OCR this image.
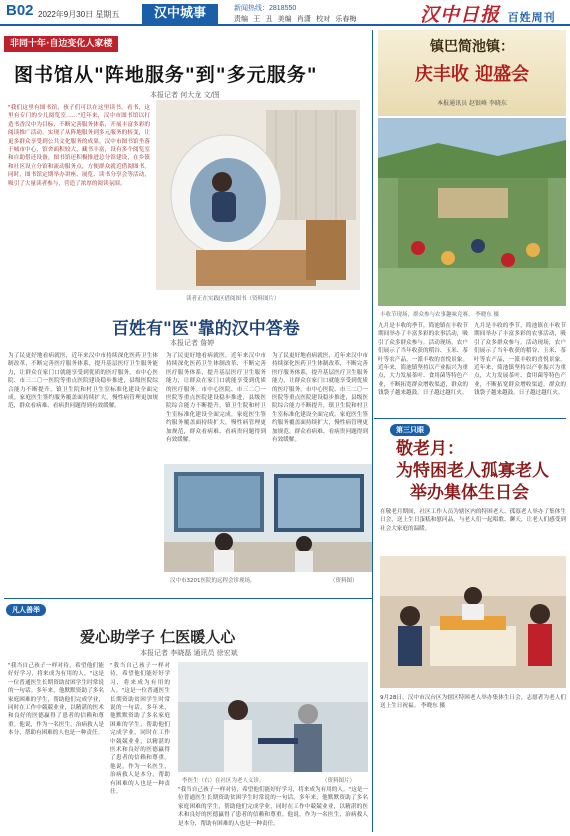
B02 2022年9月30日 星期五	汉中城事	新闻热线：2818550
责编 王 丑 美编 肖潇 校对 乐春梅	汉中日报 百姓周刊
非同十年·自边变化人家楼
图书馆从"阵地服务"到"多元服务"
本报记者 何大龙 文/图
"我们这里有图书馆，孩子们可以在这里读书，看书，这里有专门的少儿阅览室……"近年来，汉中市图书馆以打造书香汉中为目标，不断完善服务体系，开展丰富多彩的阅读推广活动，实现了从阵地服务到多元服务的转变，让更多群众享受到公共文化服务的成果。汉中市图书馆坐落于城市中心，馆舍面积较大，藏书丰富，设有多个阅览室和自助借还设备。图书馆还积极推进总分馆建设，在乡镇和社区设立分馆和流动服务点，方便群众就近借阅图书。同时，图书馆定期举办讲座、展览、读书分享会等活动，吸引了大量读者参与，营造了浓厚的阅读氛围。
读者正在实践区借阅图书（资料图片）
百姓有"医"靠的汉中答卷
本报记者 詹婷
为了民更好地看病就医，近年来汉中市持续深化医药卫生体制改革，不断完善医疗服务体系，提升基层医疗卫生服务能力，让群众在家门口就能享受到优质的医疗服务。市中心医院、市三二〇一医院等重点医院建设稳步推进，县级医院综合能力不断提升，镇卫生院和村卫生室标准化建设全面完成。家庭医生签约服务覆盖面持续扩大，慢性病管理更加规范，群众看病难、看病贵问题得到有效缓解。
为了民更好地看病就医，近年来汉中市持续深化医药卫生体制改革，不断完善医疗服务体系，提升基层医疗卫生服务能力，让群众在家门口就能享受到优质的医疗服务。市中心医院、市三二〇一医院等重点医院建设稳步推进，县级医院综合能力不断提升，镇卫生院和村卫生室标准化建设全面完成。家庭医生签约服务覆盖面持续扩大，慢性病管理更加规范，群众看病难、看病贵问题得到有效缓解。
为了民更好地看病就医，近年来汉中市持续深化医药卫生体制改革，不断完善医疗服务体系，提升基层医疗卫生服务能力，让群众在家门口就能享受到优质的医疗服务。市中心医院、市三二〇一医院等重点医院建设稳步推进，县级医院综合能力不断提升，镇卫生院和村卫生室标准化建设全面完成。家庭医生签约服务覆盖面持续扩大，慢性病管理更加规范，群众看病难、看病贵问题得到有效缓解。
汉中市3201医院的远程会诊现场。	（资料图）
镇巴简池镇：
庆丰收 迎盛会
本报通讯员 赵银峰 李晓东
丰收节现场，群众参与农事趣味竞赛。 李晓东 摄
九月是丰收的季节，简池镇在丰收节期间举办了丰富多彩的农事活动，吸引了众多群众参与。活动现场，农户们展示了当年收获的稻谷、玉米、茶叶等农产品，一派丰收的喜悦景象。近年来，简池镇坚持以产业振兴为重点，大力发展茶叶、食用菌等特色产业，不断拓宽群众增收渠道，群众的钱袋子越来越鼓，日子越过越红火。
九月是丰收的季节，简池镇在丰收节期间举办了丰富多彩的农事活动，吸引了众多群众参与。活动现场，农户们展示了当年收获的稻谷、玉米、茶叶等农产品，一派丰收的喜悦景象。近年来，简池镇坚持以产业振兴为重点，大力发展茶叶、食用菌等特色产业，不断拓宽群众增收渠道，群众的钱袋子越来越鼓，日子越过越红火。
第三只眼
敬老月：
为特困老人孤寡老人
举办集体生日会
在敬老月期间，社区工作人员为辖区内的特困老人、孤寡老人举办了集体生日会，送上生日蛋糕和慰问品，与老人们一起唱歌、聊天，让老人们感受到社会大家庭的温暖。
9月28日，汉中市汉台区为辖区特困老人举办集体生日会，志愿者为老人们送上生日祝福。 李晓东 摄
凡人善举
爱心助学子 仁医暖人心
本报记者 李晓磊 通讯员 徐宏斌
"我当自己孩子一样对待，希望他们能好好学习，将来成为有用的人。"这是一位普通医生长期资助贫困学生时常说的一句话。多年来，他默默资助了多名家庭困难的学生，帮助他们完成学业，同时在工作中兢兢业业，以精湛的医术和良好的医德赢得了患者的信赖和尊重。他说，作为一名医生，治病救人是本分，帮助有困难的人也是一种责任。
"我当自己孩子一样对待，希望他们能好好学习，将来成为有用的人。"这是一位普通医生长期资助贫困学生时常说的一句话。多年来，他默默资助了多名家庭困难的学生，帮助他们完成学业，同时在工作中兢兢业业，以精湛的医术和良好的医德赢得了患者的信赖和尊重。他说，作为一名医生，治病救人是本分，帮助有困难的人也是一种责任。
李医生（右）在社区为老人义诊。	（资料图片）
"我当自己孩子一样对待，希望他们能好好学习，将来成为有用的人。"这是一位普通医生长期资助贫困学生时常说的一句话。多年来，他默默资助了多名家庭困难的学生，帮助他们完成学业，同时在工作中兢兢业业，以精湛的医术和良好的医德赢得了患者的信赖和尊重。他说，作为一名医生，治病救人是本分，帮助有困难的人也是一种责任。
